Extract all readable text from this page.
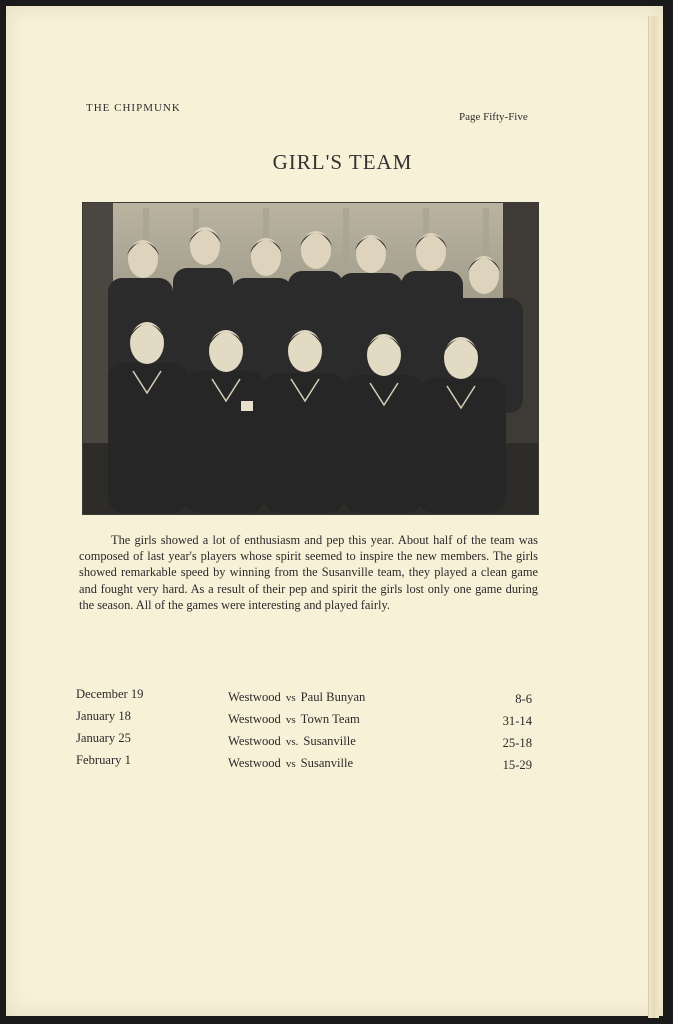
THE CHIPMUNK
Page Fifty-Five
GIRL'S TEAM
The girls showed a lot of enthusiasm and pep this year. About half of the team was composed of last year's players whose spirit seemed to inspire the new members. The girls showed remarkable speed by winning from the Susanville team, they played a clean game and fought very hard. As a result of their pep and spirit the girls lost only one game during the season. All of the games were interesting and played fairly.
December 19	Westwood vs Paul Bunyan	8-6
January 18	Westwood vs Town Team	31-14
January 25	Westwood vs. Susanville	25-18
February 1	Westwood vs Susanville	15-29
